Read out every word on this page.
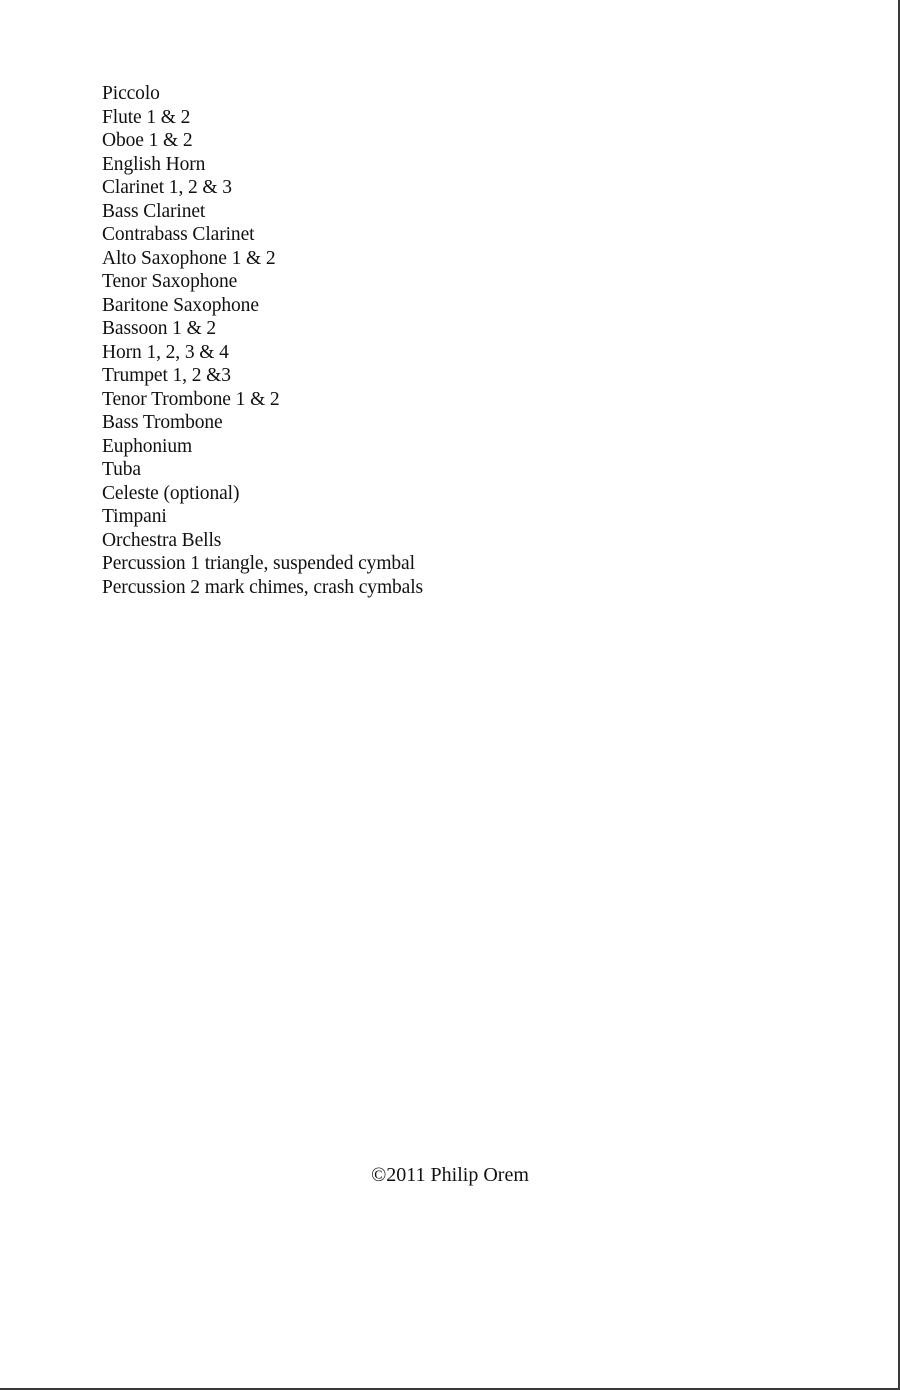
Piccolo
Flute 1 & 2
Oboe 1 & 2
English Horn
Clarinet 1, 2 & 3
Bass Clarinet
Contrabass Clarinet
Alto Saxophone 1 & 2
Tenor Saxophone
Baritone Saxophone
Bassoon 1 & 2
Horn 1, 2, 3 & 4
Trumpet 1, 2 &3
Tenor Trombone 1 & 2
Bass Trombone
Euphonium
Tuba
Celeste (optional)
Timpani
Orchestra Bells
Percussion 1 triangle, suspended cymbal
Percussion 2 mark chimes, crash cymbals
©2011 Philip Orem
